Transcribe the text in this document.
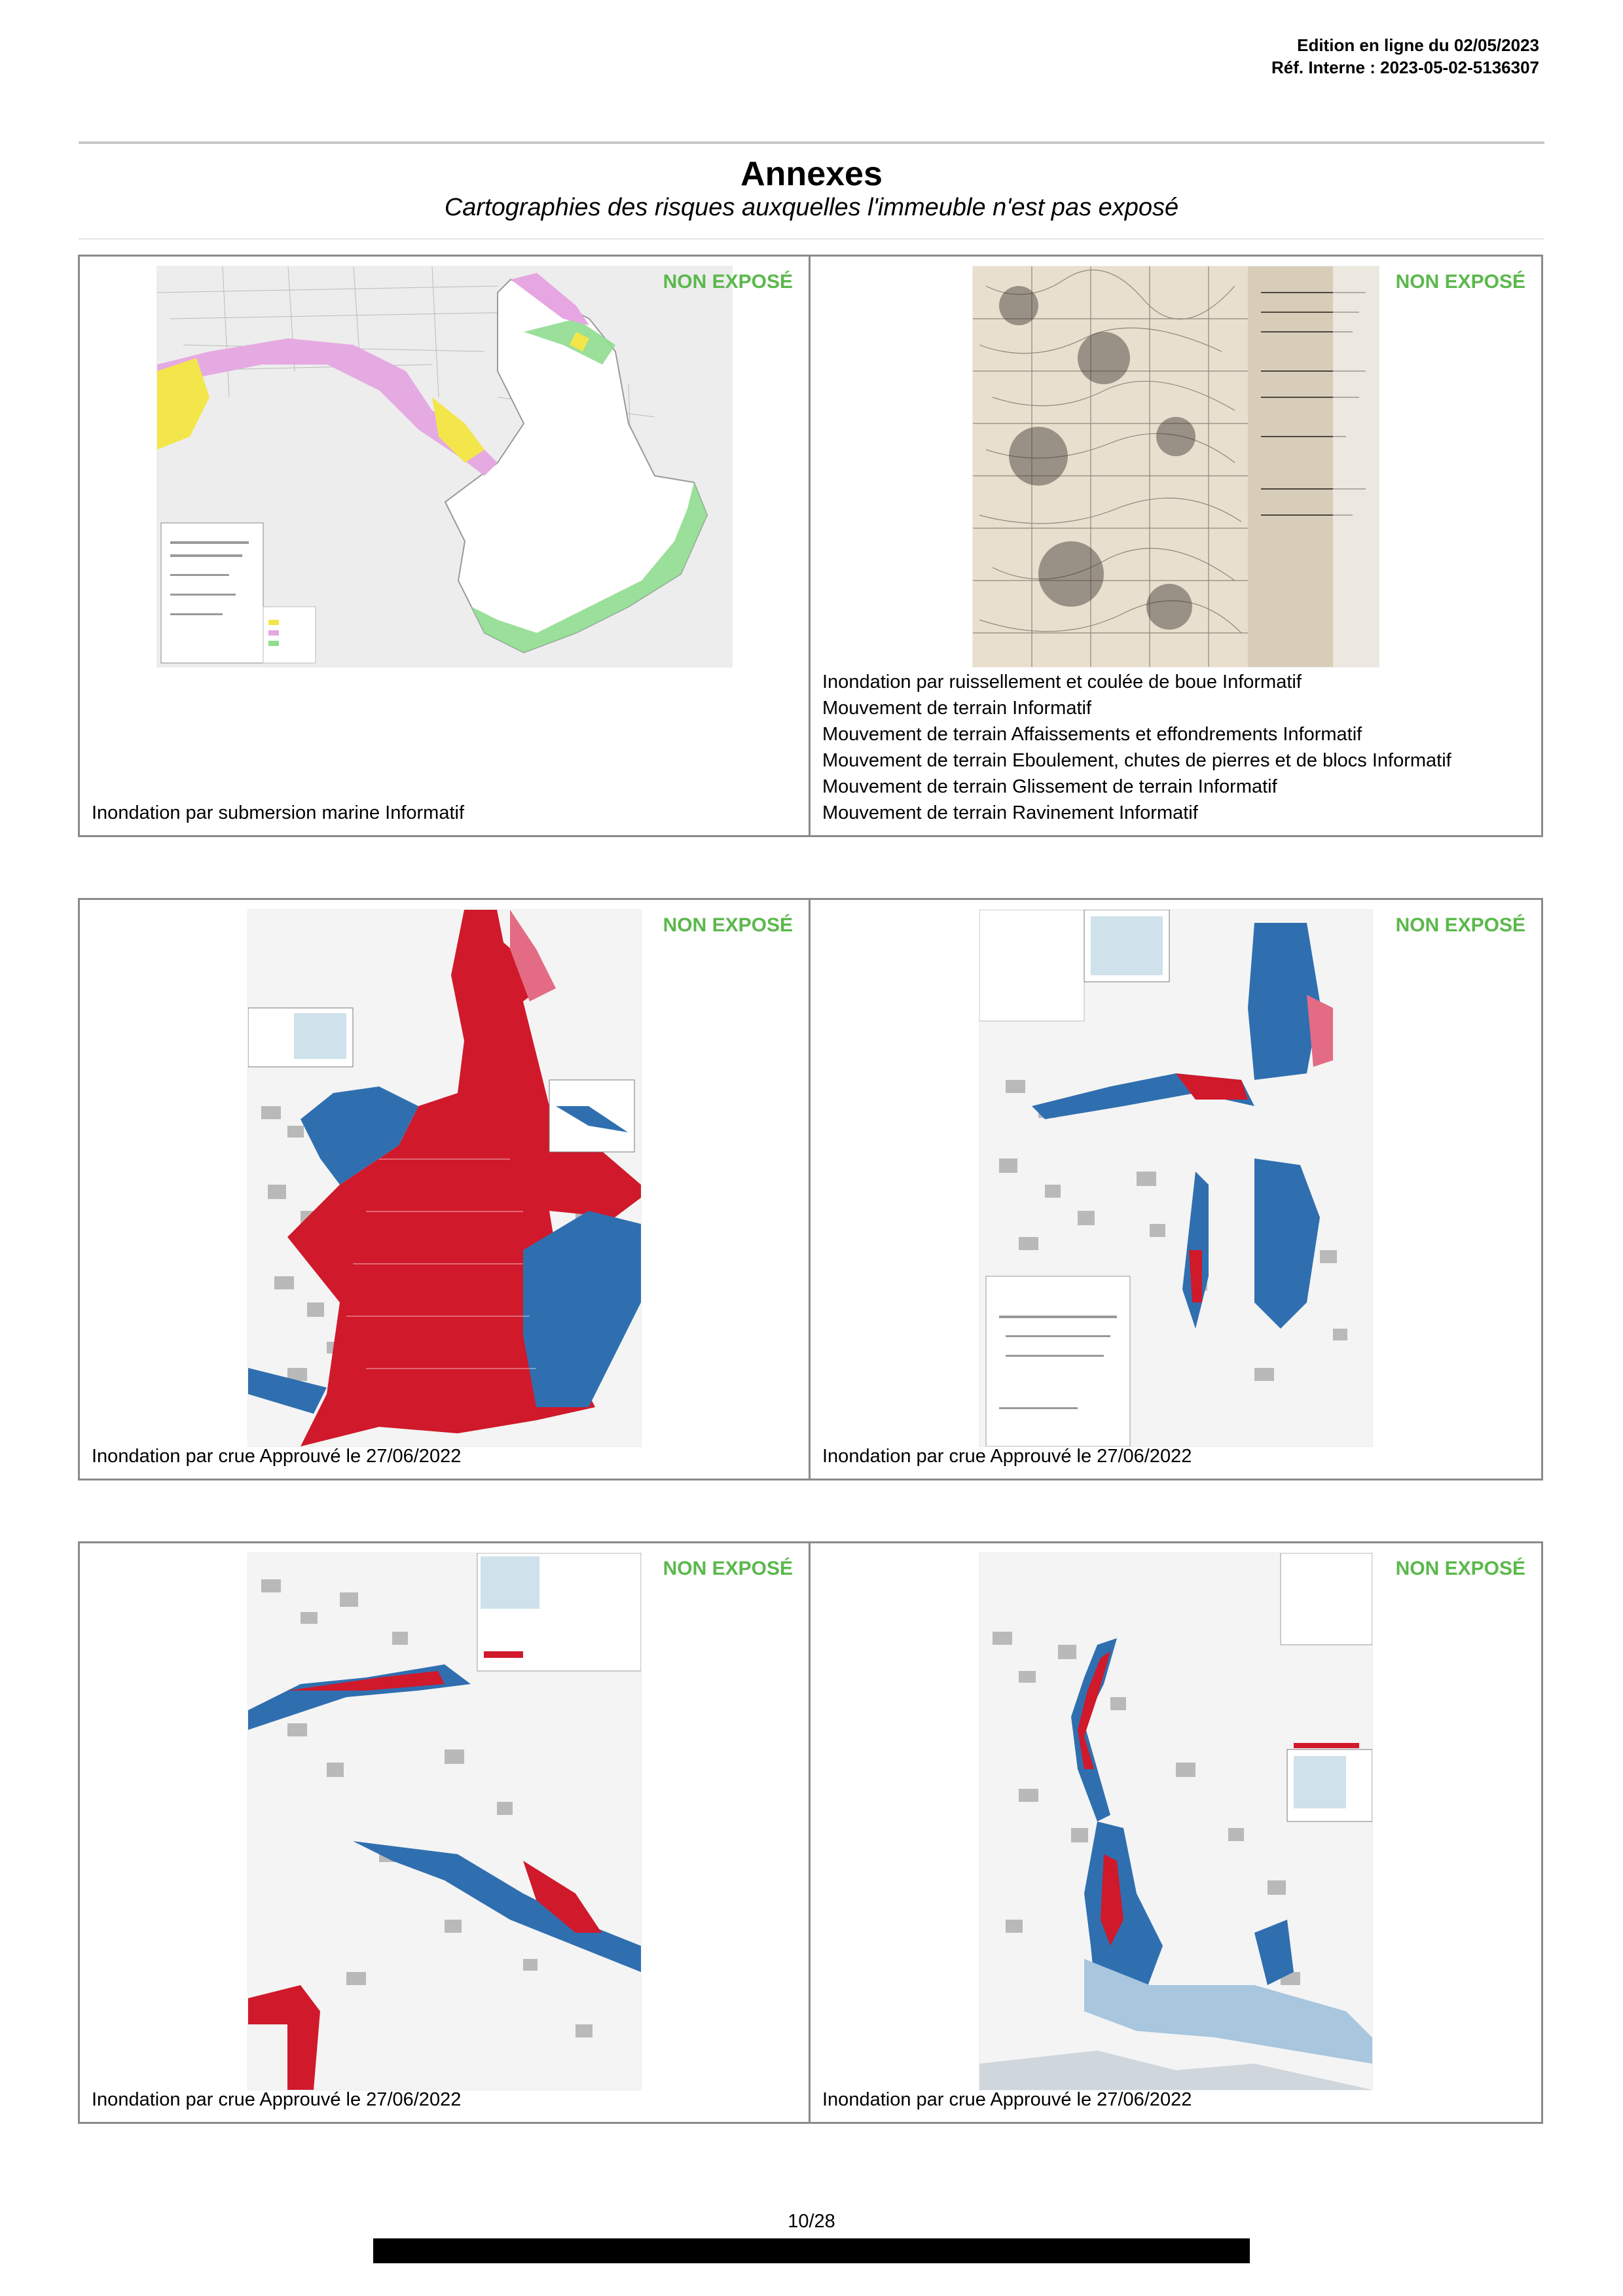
Edition en ligne du 02/05/2023
Réf. Interne : 2023-05-02-5136307
Annexes
Cartographies des risques auxquelles l'immeuble n'est pas exposé
NON EXPOSÉ
Inondation par submersion marine Informatif
NON EXPOSÉ
Inondation par ruissellement et coulée de boue Informatif
Mouvement de terrain Informatif
Mouvement de terrain Affaissements et effondrements Informatif
Mouvement de terrain Eboulement, chutes de pierres et de blocs Informatif
Mouvement de terrain Glissement de terrain Informatif
Mouvement de terrain Ravinement Informatif
NON EXPOSÉ
Inondation par crue Approuvé le 27/06/2022
NON EXPOSÉ
Inondation par crue Approuvé le 27/06/2022
NON EXPOSÉ
Inondation par crue Approuvé le 27/06/2022
NON EXPOSÉ
Inondation par crue Approuvé le 27/06/2022
10/28
